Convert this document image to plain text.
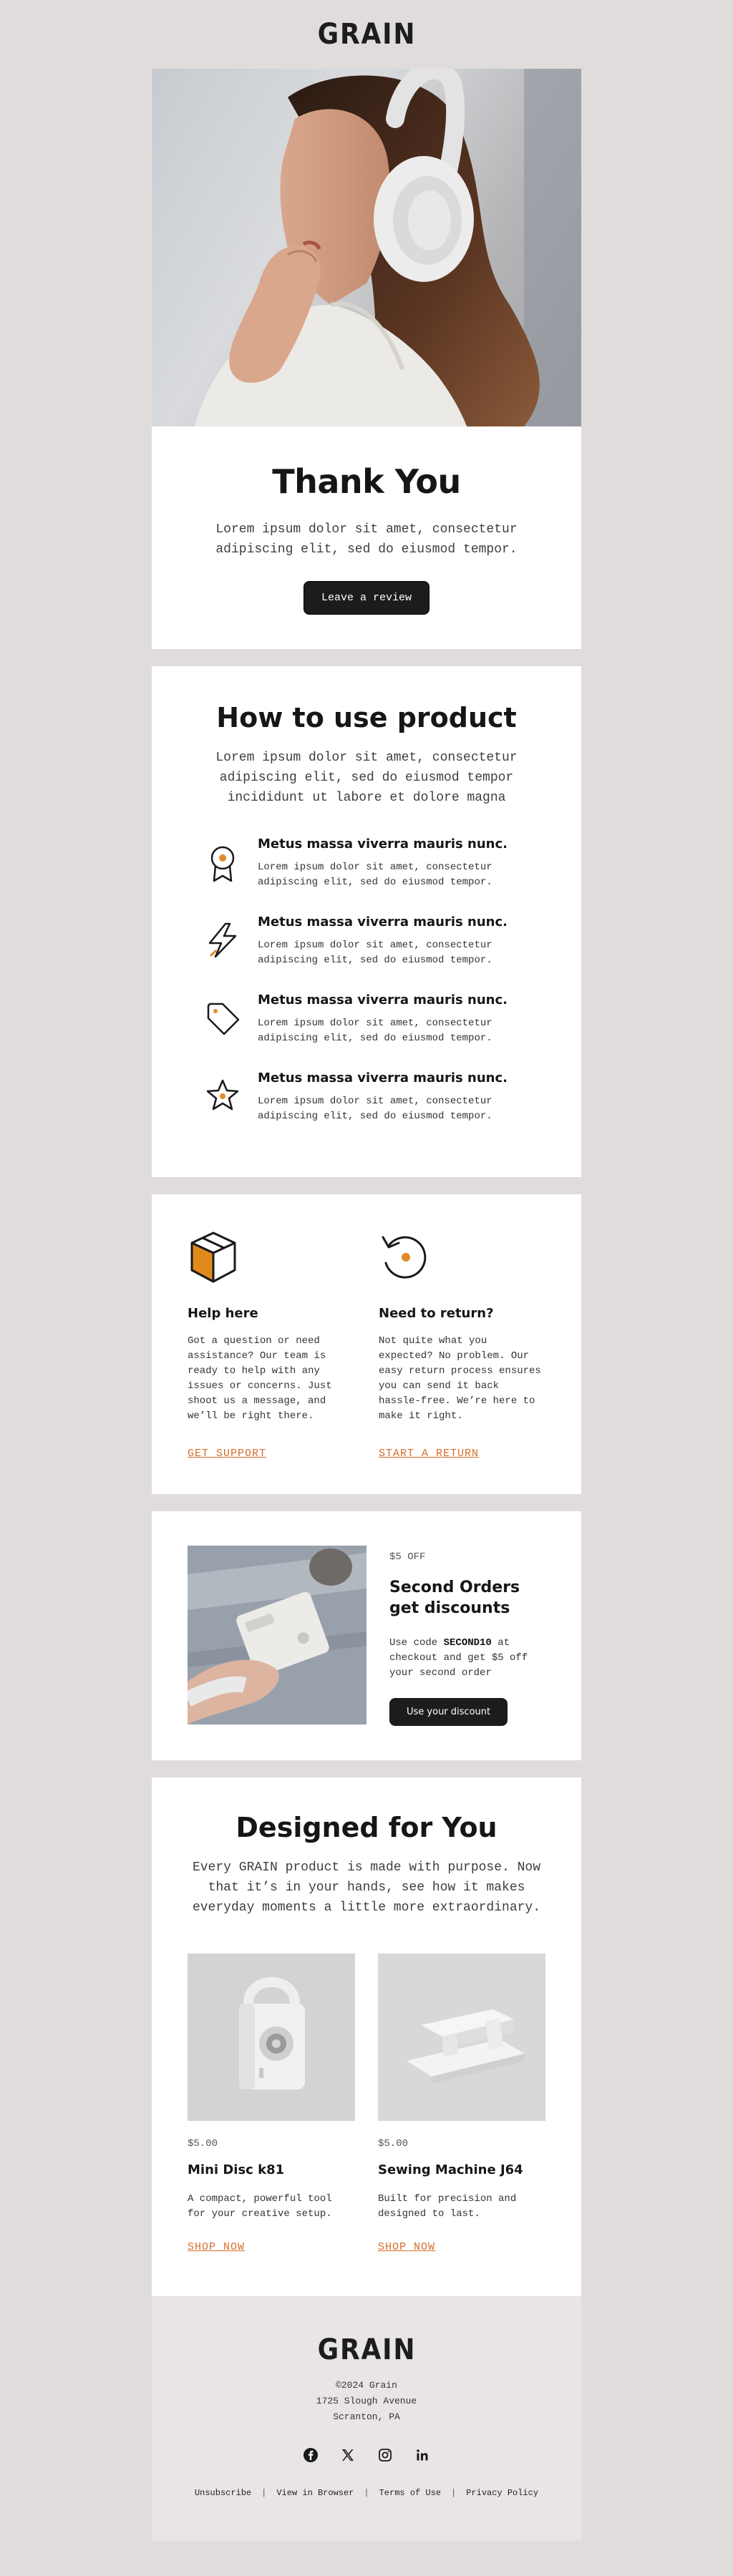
GRAIN
Thank You

Lorem ipsum dolor sit amet, consectetur adipiscing elit, sed do eiusmod tempor.

Leave a review
How to use product

Lorem ipsum dolor sit amet, consectetur adipiscing elit, sed do eiusmod tempor incididunt ut labore et dolore magna

Metus massa viverra mauris nunc.

Lorem ipsum dolor sit amet, consectetur adipiscing elit, sed do eiusmod tempor.

Metus massa viverra mauris nunc.

Lorem ipsum dolor sit amet, consectetur adipiscing elit, sed do eiusmod tempor.

Metus massa viverra mauris nunc.

Lorem ipsum dolor sit amet, consectetur adipiscing elit, sed do eiusmod tempor.

Metus massa viverra mauris nunc.

Lorem ipsum dolor sit amet, consectetur adipiscing elit, sed do eiusmod tempor.

Help here

Got a question or need assistance? Our team is ready to help with any issues or concerns. Just shoot us a message, and we’ll be right there.

GET SUPPORT

Need to return?

Not quite what you expected? No problem. Our easy return process ensures you can send it back hassle-free. We’re here to make it right.

START A RETURN

$5 OFF

Second Orders get discounts

Use code SECOND10 at checkout and get $5 off your second order

Use your discount
Designed for You

Every GRAIN product is made with purpose. Now that it’s in your hands, see how it makes everyday moments a little more extraordinary.

$5.00

Mini Disc k81

A compact, powerful tool for your creative setup.

SHOP NOW

$5.00

Sewing Machine J64

Built for precision and designed to last.

SHOP NOW
GRAIN
©2024 Grain
1725 Slough Avenue
Scranton, PA
Unsubscribe | View in Browser | Terms of Use | Privacy Policy
